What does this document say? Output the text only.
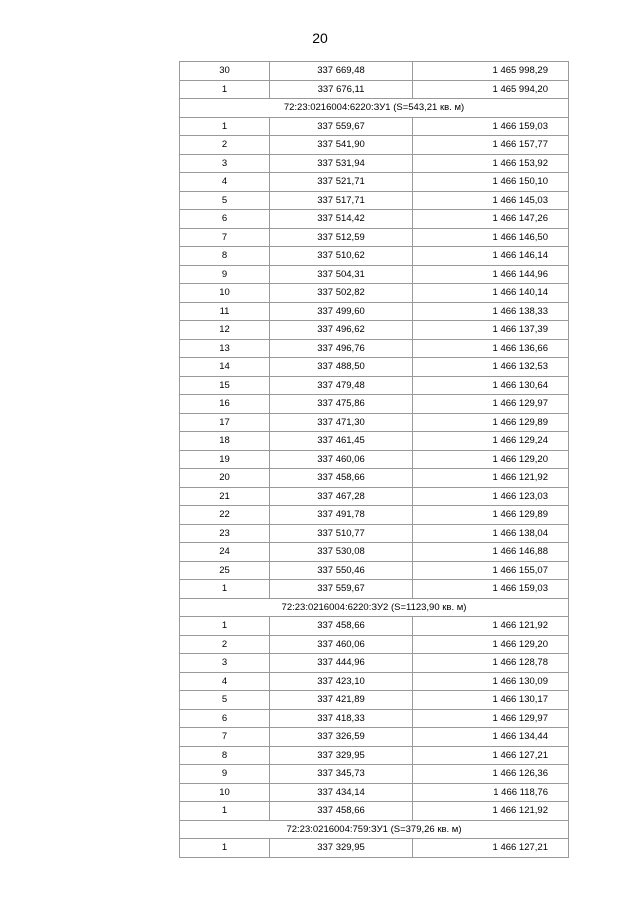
20
30	337 669,48	1 465 998,29
1	337 676,11	1 465 994,20
72:23:0216004:6220:ЗУ1 (S=543,21 кв. м)		
1	337 559,67	1 466 159,03
2	337 541,90	1 466 157,77
3	337 531,94	1 466 153,92
4	337 521,71	1 466 150,10
5	337 517,71	1 466 145,03
6	337 514,42	1 466 147,26
7	337 512,59	1 466 146,50
8	337 510,62	1 466 146,14
9	337 504,31	1 466 144,96
10	337 502,82	1 466 140,14
11	337 499,60	1 466 138,33
12	337 496,62	1 466 137,39
13	337 496,76	1 466 136,66
14	337 488,50	1 466 132,53
15	337 479,48	1 466 130,64
16	337 475,86	1 466 129,97
17	337 471,30	1 466 129,89
18	337 461,45	1 466 129,24
19	337 460,06	1 466 129,20
20	337 458,66	1 466 121,92
21	337 467,28	1 466 123,03
22	337 491,78	1 466 129,89
23	337 510,77	1 466 138,04
24	337 530,08	1 466 146,88
25	337 550,46	1 466 155,07
1	337 559,67	1 466 159,03
72:23:0216004:6220:ЗУ2 (S=1123,90 кв. м)		
1	337 458,66	1 466 121,92
2	337 460,06	1 466 129,20
3	337 444,96	1 466 128,78
4	337 423,10	1 466 130,09
5	337 421,89	1 466 130,17
6	337 418,33	1 466 129,97
7	337 326,59	1 466 134,44
8	337 329,95	1 466 127,21
9	337 345,73	1 466 126,36
10	337 434,14	1 466 118,76
1	337 458,66	1 466 121,92
72:23:0216004:759:ЗУ1 (S=379,26 кв. м)		
1	337 329,95	1 466 127,21
